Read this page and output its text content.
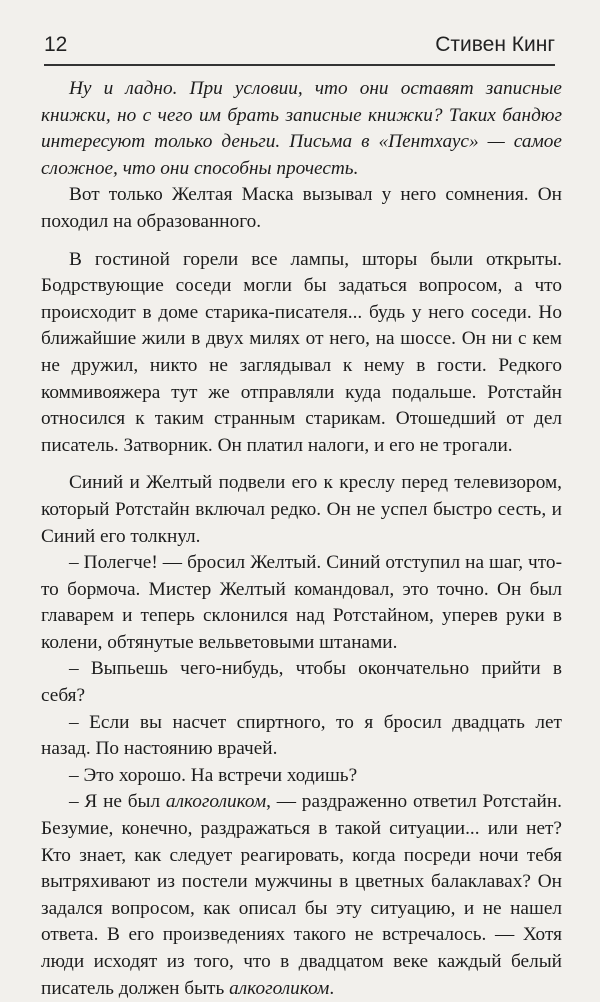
12	Стивен Кинг

Ну и ладно. При условии, что они оставят записные книжки, но с чего им брать записные книжки? Таких бандюг интересуют только деньги. Письма в «Пентхаус» — самое сложное, что они способны прочесть.

Вот только Желтая Маска вызывал у него сомнения. Он походил на образованного.

В гостиной горели все лампы, шторы были открыты. Бодрствующие соседи могли бы задаться вопросом, а что происходит в доме старика-писателя... будь у него соседи. Но ближайшие жили в двух милях от него, на шоссе. Он ни с кем не дружил, никто не заглядывал к нему в гости. Редкого коммивояжера тут же отправляли куда подальше. Ротстайн относился к таким странным старикам. Отошедший от дел писатель. Затворник. Он платил налоги, и его не трогали.

Синий и Желтый подвели его к креслу перед телевизором, который Ротстайн включал редко. Он не успел быстро сесть, и Синий его толкнул.

– Полегче! — бросил Желтый. Синий отступил на шаг, что-то бормоча. Мистер Желтый командовал, это точно. Он был главарем и теперь склонился над Ротстайном, уперев руки в колени, обтянутые вельветовыми штанами.

– Выпьешь чего-нибудь, чтобы окончательно прийти в себя?

– Если вы насчет спиртного, то я бросил двадцать лет назад. По настоянию врачей.

– Это хорошо. На встречи ходишь?

– Я не был алкоголиком, — раздраженно ответил Ротстайн. Безумие, конечно, раздражаться в такой ситуации... или нет? Кто знает, как следует реагировать, когда посреди ночи тебя вытряхивают из постели мужчины в цветных балаклавах? Он задался вопросом, как описал бы эту ситуацию, и не нашел ответа. В его произведениях такого не встречалось. — Хотя люди исходят из того, что в двадцатом веке каждый белый писатель должен быть алкоголиком.
